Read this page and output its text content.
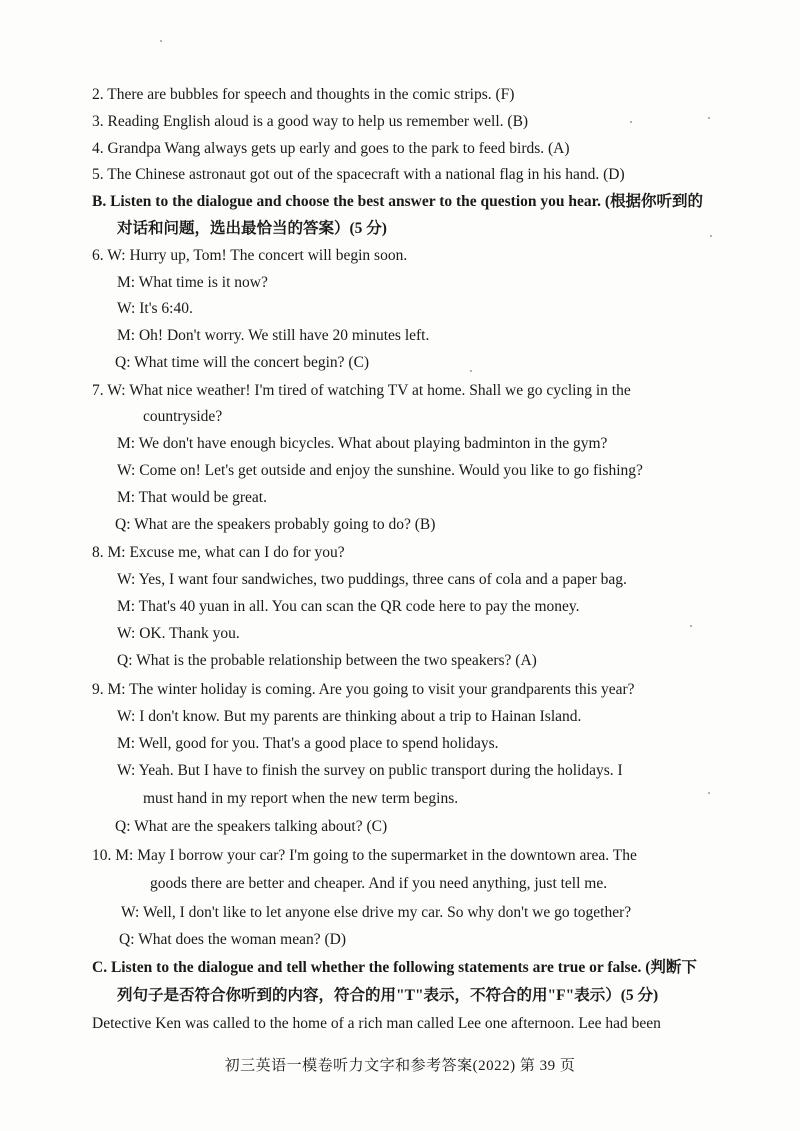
2. There are bubbles for speech and thoughts in the comic strips. (F)
3. Reading English aloud is a good way to help us remember well. (B)
4. Grandpa Wang always gets up early and goes to the park to feed birds. (A)
5. The Chinese astronaut got out of the spacecraft with a national flag in his hand. (D)
B. Listen to the dialogue and choose the best answer to the question you hear. (根据你听到的
对话和问题，选出最恰当的答案）(5 分)
6. W: Hurry up, Tom! The concert will begin soon.
M: What time is it now?
W: It's 6:40.
M: Oh! Don't worry. We still have 20 minutes left.
Q: What time will the concert begin? (C)
7. W: What nice weather! I'm tired of watching TV at home. Shall we go cycling in the
countryside?
M: We don't have enough bicycles. What about playing badminton in the gym?
W: Come on! Let's get outside and enjoy the sunshine. Would you like to go fishing?
M: That would be great.
Q: What are the speakers probably going to do? (B)
8. M: Excuse me, what can I do for you?
W: Yes, I want four sandwiches, two puddings, three cans of cola and a paper bag.
M: That's 40 yuan in all. You can scan the QR code here to pay the money.
W: OK. Thank you.
Q: What is the probable relationship between the two speakers? (A)
9. M: The winter holiday is coming. Are you going to visit your grandparents this year?
W: I don't know. But my parents are thinking about a trip to Hainan Island.
M: Well, good for you. That's a good place to spend holidays.
W: Yeah. But I have to finish the survey on public transport during the holidays. I
must hand in my report when the new term begins.
Q: What are the speakers talking about? (C)
10. M: May I borrow your car? I'm going to the supermarket in the downtown area. The
goods there are better and cheaper. And if you need anything, just tell me.
W: Well, I don't like to let anyone else drive my car. So why don't we go together?
Q: What does the woman mean? (D)
C. Listen to the dialogue and tell whether the following statements are true or false. (判断下
列句子是否符合你听到的内容，符合的用"T"表示，不符合的用"F"表示）(5 分)
Detective Ken was called to the home of a rich man called Lee one afternoon. Lee had been
初三英语一模卷听力文字和参考答案(2022) 第 39 页
